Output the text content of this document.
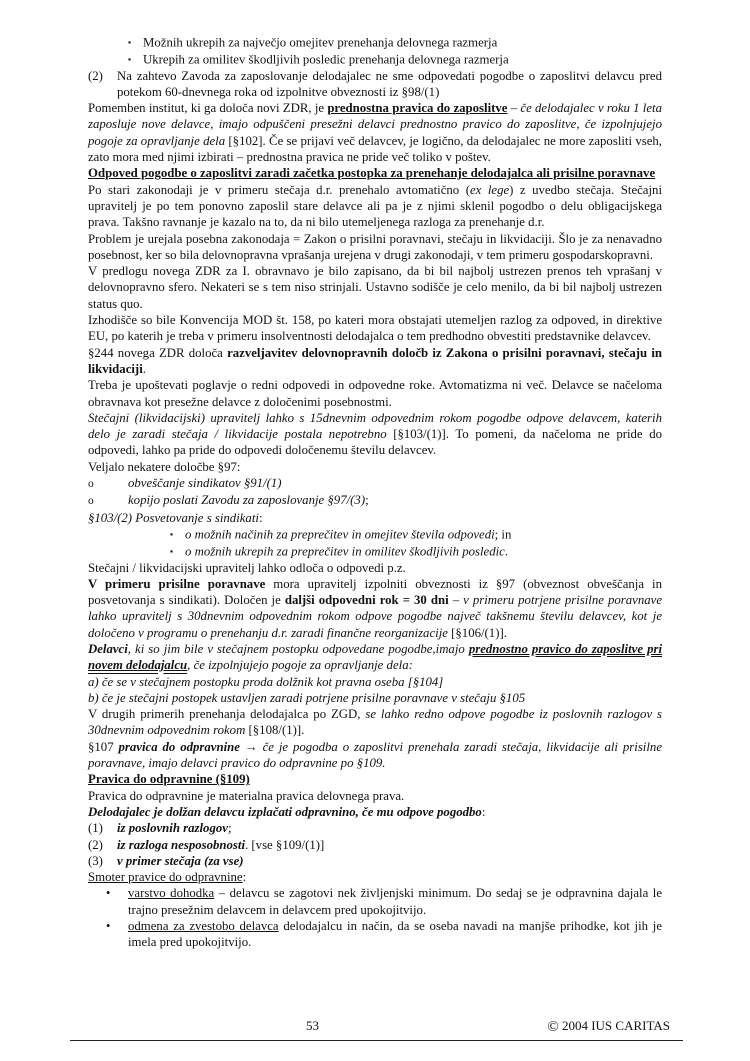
▪ Možnih ukrepih za največjo omejitev prenehanja delovnega razmerja
▪ Ukrepih za omilitev škodljivih posledic prenehanja delovnega razmerja
(2) Na zahtevo Zavoda za zaposlovanje delodajalec ne sme odpovedati pogodbe o zaposlitvi delavcu pred potekom 60-dnevnega roka od izpolnitve obveznosti iz §98/(1)
Pomemben institut, ki ga določa novi ZDR, je prednostna pravica do zaposlitve – če delodajalec v roku 1 leta zaposluje nove delavce, imajo odpuščeni presežni delavci prednostno pravico do zaposlitve, če izpolnjujejo pogoje za opravljanje dela [§102]. Če se prijavi več delavcev, je logično, da delodajalec ne more zaposliti vseh, zato mora med njimi izbirati – prednostna pravica ne pride več toliko v poštev.
Odpoved pogodbe o zaposlitvi zaradi začetka postopka za prenehanje delodajalca ali prisilne poravnave
Po stari zakonodaji je v primeru stečaja d.r. prenehalo avtomatično (ex lege) z uvedbo stečaja. Stečajni upravitelj je po tem ponovno zaposlil stare delavce ali pa je z njimi sklenil pogodbo o delu obligacijskega prava. Takšno ravnanje je kazalo na to, da ni bilo utemeljenega razloga za prenehanje d.r.
Problem je urejala posebna zakonodaja = Zakon o prisilni poravnavi, stečaju in likvidaciji. Šlo je za nenavadno posebnost, ker so bila delovnopravna vprašanja urejena v drugi zakonodaji, v tem primeru gospodarskopravni.
V predlogu novega ZDR za I. obravnavo je bilo zapisano, da bi bil najbolj ustrezen prenos teh vprašanj v delovnopravno sfero. Nekateri se s tem niso strinjali. Ustavno sodišče je celo menilo, da bi bil najbolj ustrezen status quo.
Izhodišče so bile Konvencija MOD št. 158, po kateri mora obstajati utemeljen razlog za odpoved, in direktive EU, po katerih je treba v primeru insolventnosti delodajalca o tem predhodno obvestiti predstavnike delavcev.
§244 novega ZDR določa razveljavitev delovnopravnih določb iz Zakona o prisilni poravnavi, stečaju in likvidaciji.
Treba je upoštevati poglavje o redni odpovedi in odpovedne roke. Avtomatizma ni več. Delavce se načeloma obravnava kot presežne delavce z določenimi posebnostmi.
Stečajni (likvidacijski) upravitelj lahko s 15dnevnim odpovednim rokom pogodbe odpove delavcem, katerih delo je zaradi stečaja / likvidacije postala nepotrebno [§103/(1)]. To pomeni, da načeloma ne pride do odpovedi, lahko pa pride do odpovedi določenemu številu delavcev.
Veljalo nekatere določbe §97:
o	obveščanje sindikatov §91/(1)
o	kopijo poslati Zavodu za zaposlovanje §97/(3);
§103/(2) Posvetovanje s sindikati:
▪ o možnih načinih za preprečitev in omejitev števila odpovedi; in
▪ o možnih ukrepih za preprečitev in omilitev škodljivih posledic.
Stečajni / likvidacijski upravitelj lahko odloča o odpovedi p.z.
V primeru prisilne poravnave mora upravitelj izpolniti obveznosti iz §97 (obveznost obveščanja in posvetovanja s sindikati). Določen je daljši odpovedni rok = 30 dni – v primeru potrjene prisilne poravnave lahko upravitelj s 30dnevnim odpovednim rokom odpove pogodbe največ takšnemu številu delavcev, kot je določeno v programu o prenehanju d.r. zaradi finančne reorganizacije [§106/(1)].
Delavci, ki so jim bile v stečajnem postopku odpovedane pogodbe,imajo prednostno pravico do zaposlitve pri novem delodajalcu, če izpolnjujejo pogoje za opravljanje dela:
a) če se v stečajnem postopku proda dolžnik kot pravna oseba [§104]
b) če je stečajni postopek ustavljen zaradi potrjene prisilne poravnave v stečaju §105
V drugih primerih prenehanja delodajalca po ZGD, se lahko redno odpove pogodbe iz poslovnih razlogov s 30dnevnim odpovednim rokom [§108/(1)].
§107 pravica do odpravnine → če je pogodba o zaposlitvi prenehala zaradi stečaja, likvidacije ali prisilne poravnave, imajo delavci pravico do odpravnine po §109.
Pravica do odpravnine (§109)
Pravica do odpravnine je materialna pravica delovnega prava.
Delodajalec je dolžan delavcu izplačati odpravnino, če mu odpove pogodbo:
(1) iz poslovnih razlogov;
(2) iz razloga nesposobnosti. [vse §109/(1)]
(3) v primer stečaja (za vse)
Smoter pravice do odpravnine:
• varstvo dohodka – delavcu se zagotovi nek življenjski minimum. Do sedaj se je odpravnina dajala le trajno presežnim delavcem in delavcem pred upokojitvijo.
• odmena za zvestobo delavca delodajalcu in način, da se oseba navadi na manjše prihodke, kot jih je imela pred upokojitvijo.
53	© 2004 IUS CARITAS
